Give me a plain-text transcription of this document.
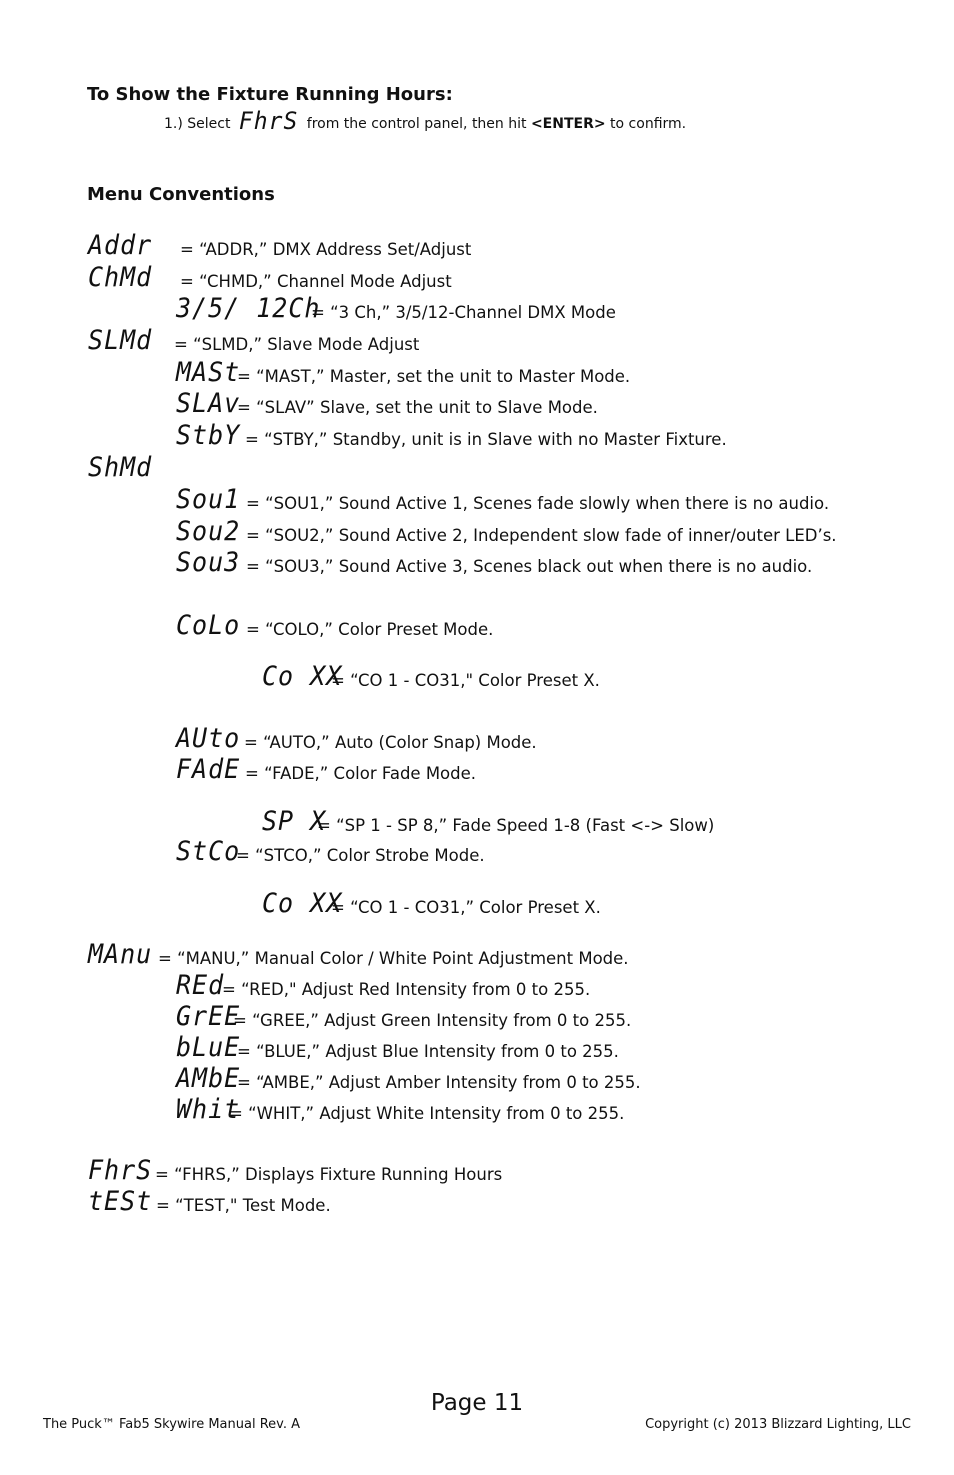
To Show the Fixture Running Hours:
1.) Select FhrS from the control panel, then hit <ENTER> to confirm.
Menu Conventions
Addr = “ADDR,” DMX Address Set/Adjust
ChMd = “CHMD,” Channel Mode Adjust
3/5/ 12Ch
= “3 Ch,” 3/5/12-Channel DMX Mode
SLMd = “SLMD,” Slave Mode Adjust
MASt
= “MAST,” Master, set the unit to Master Mode.
SLAv
= “SLAV” Slave, set the unit to Slave Mode.
StbY = “STBY,” Standby, unit is in Slave with no Master Fixture.
ShMd
Sou1 = “SOU1,” Sound Active 1, Scenes fade slowly when there is no audio.
Sou2 = “SOU2,” Sound Active 2, Independent slow fade of inner/outer LED’s.
Sou3 = “SOU3,” Sound Active 3, Scenes black out when there is no audio.
CoLo = “COLO,” Color Preset Mode.
Co XX
= “CO 1 - CO31," Color Preset X.
AUto = “AUTO,” Auto (Color Snap) Mode.
FAdE = “FADE,” Color Fade Mode.
SP X
= “SP 1 - SP 8,” Fade Speed 1-8 (Fast <-> Slow)
StCo
= “STCO,” Color Strobe Mode.
Co XX
= “CO 1 - CO31,” Color Preset X.
MAnu = “MANU,” Manual Color / White Point Adjustment Mode.
REd
= “RED," Adjust Red Intensity from 0 to 255.
GrEE
= “GREE,” Adjust Green Intensity from 0 to 255.
bLuE
= “BLUE,” Adjust Blue Intensity from 0 to 255.
AMbE
= “AMBE,” Adjust Amber Intensity from 0 to 255.
Whit
= “WHIT,” Adjust White Intensity from 0 to 255.
FhrS = “FHRS,” Displays Fixture Running Hours
tESt = “TEST," Test Mode.
Page 11
The Puck™ Fab5 Skywire Manual Rev. A	Copyright (c) 2013 Blizzard Lighting, LLC
